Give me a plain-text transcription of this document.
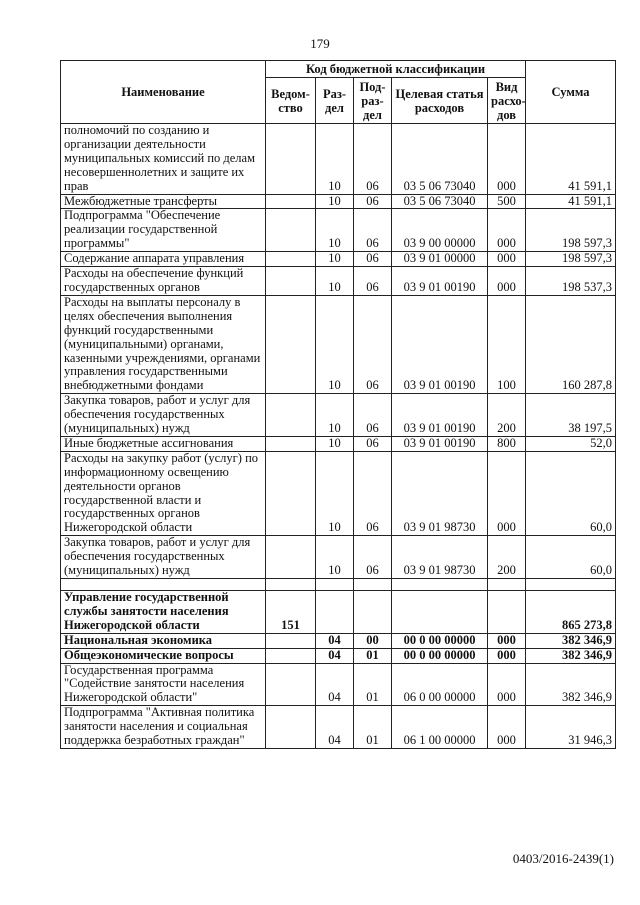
179
Наименование	Код бюджетной классификации					Сумма
	Ведом-ство	Раз-дел	Под-раз-дел	Целевая статья расходов	Вид расхо-дов	
полномочий по созданию и организации деятельности муниципальных комиссий по делам несовершеннолетних и защите их прав		10	06	03 5 06 73040	000	41 591,1
Межбюджетные трансферты		10	06	03 5 06 73040	500	41 591,1
Подпрограмма "Обеспечение реализации государственной программы"		10	06	03 9 00 00000	000	198 597,3
Содержание аппарата управления		10	06	03 9 01 00000	000	198 597,3
Расходы на обеспечение функций государственных органов		10	06	03 9 01 00190	000	198 537,3
Расходы на выплаты персоналу в целях обеспечения выполнения функций государственными (муниципальными) органами, казенными учреждениями, органами управления государственными внебюджетными фондами		10	06	03 9 01 00190	100	160 287,8
Закупка товаров, работ и услуг для обеспечения государственных (муниципальных) нужд		10	06	03 9 01 00190	200	38 197,5
Иные бюджетные ассигнования		10	06	03 9 01 00190	800	52,0
Расходы на закупку работ (услуг) по информационному освещению деятельности органов государственной власти и государственных органов Нижегородской области		10	06	03 9 01 98730	000	60,0
Закупка товаров, работ и услуг для обеспечения государственных (муниципальных) нужд		10	06	03 9 01 98730	200	60,0

Управление государственной службы занятости населения Нижегородской области	151					865 273,8
Национальная экономика		04	00	00 0 00 00000	000	382 346,9
Общеэкономические вопросы		04	01	00 0 00 00000	000	382 346,9
Государственная программа "Содействие занятости населения Нижегородской области"		04	01	06 0 00 00000	000	382 346,9
Подпрограмма "Активная политика занятости населения и социальная поддержка безработных граждан"		04	01	06 1 00 00000	000	31 946,3
0403/2016-2439(1)
